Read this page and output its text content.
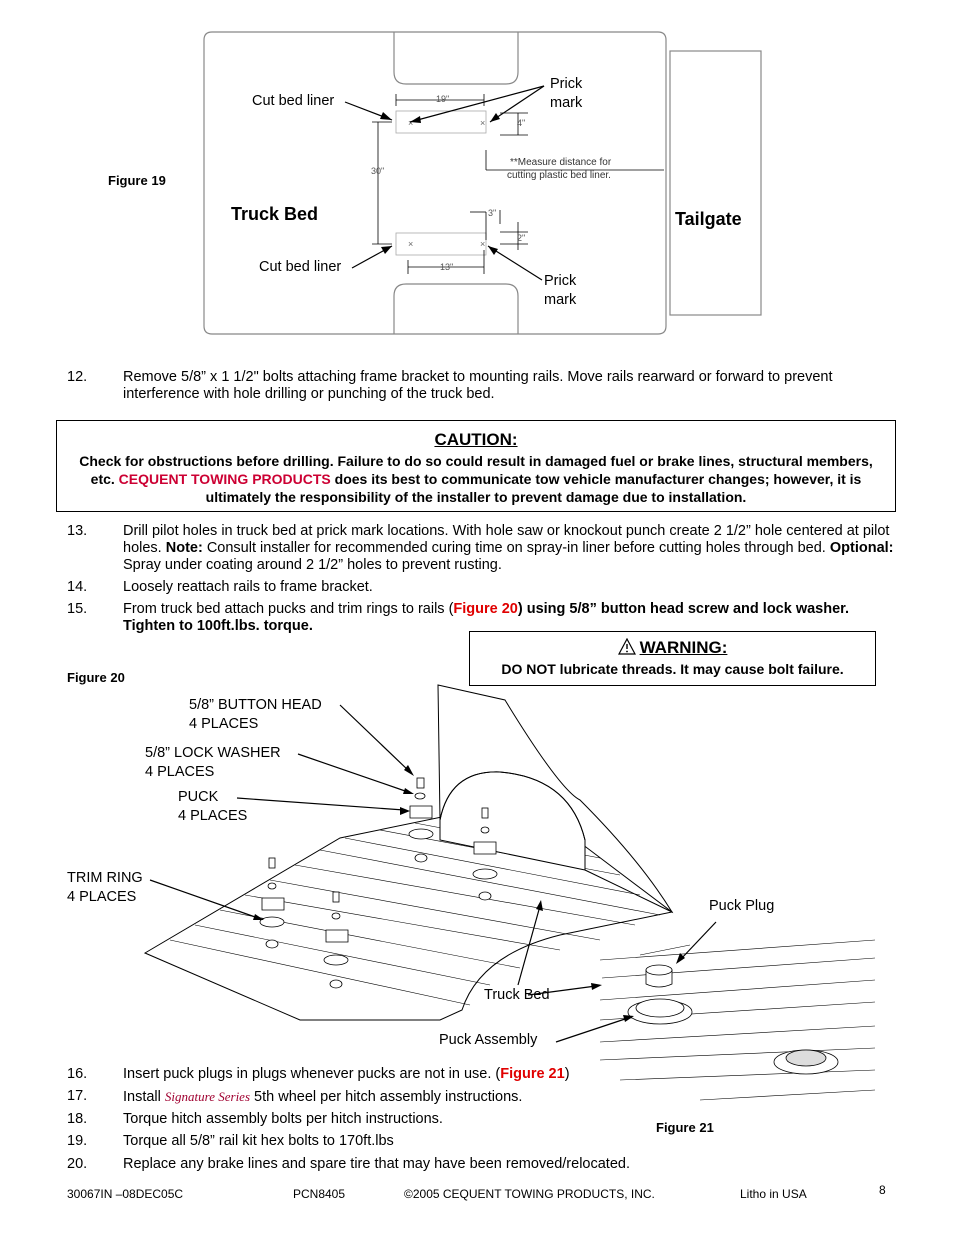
Figure 19
×	×
×	×
19"
4"
30"
3"
2"
13"
**Measure distance for
cutting plastic bed liner.
Truck Bed	Tailgate
Cut bed liner
Cut bed liner
Prick
mark
Prick
mark
12. Remove 5/8” x 1 1/2" bolts attaching frame bracket to mounting rails. Move rails rearward or forward to prevent interference with hole drilling or punching of the truck bed.
CAUTION:
Check for obstructions before drilling. Failure to do so could result in damaged fuel or brake lines, structural members, etc. CEQUENT TOWING PRODUCTS does its best to communicate tow vehicle manufacturer changes; however, it is ultimately the responsibility of the installer to prevent damage due to installation.
13. Drill pilot holes in truck bed at prick mark locations. With hole saw or knockout punch create 2 1/2” hole centered at pilot holes. Note: Consult installer for recommended curing time on spray-in liner before cutting holes through bed. Optional: Spray under coating around 2 1/2” holes to prevent rusting.
14. Loosely reattach rails to frame bracket.
15. From truck bed attach pucks and trim rings to rails (Figure 20) using 5/8” button head screw and lock washer. Tighten to 100ft.lbs. torque.
WARNING:
DO NOT lubricate threads. It may cause bolt failure.
Figure 20
5/8” BUTTON HEAD
4 PLACES
5/8” LOCK WASHER
4 PLACES
PUCK
4 PLACES
TRIM RING
4 PLACES
Truck Bed
Puck Assembly
Puck Plug
Figure 21
16. Insert puck plugs in plugs whenever pucks are not in use. (Figure 21)
17. Install Signature Series 5th wheel per hitch assembly instructions.
18. Torque hitch assembly bolts per hitch instructions.
19. Torque all 5/8” rail kit hex bolts to 170ft.lbs
20. Replace any brake lines and spare tire that may have been removed/relocated.
30067IN –08DEC05C	PCN8405	©2005 CEQUENT TOWING PRODUCTS, INC.	Litho in USA	8
